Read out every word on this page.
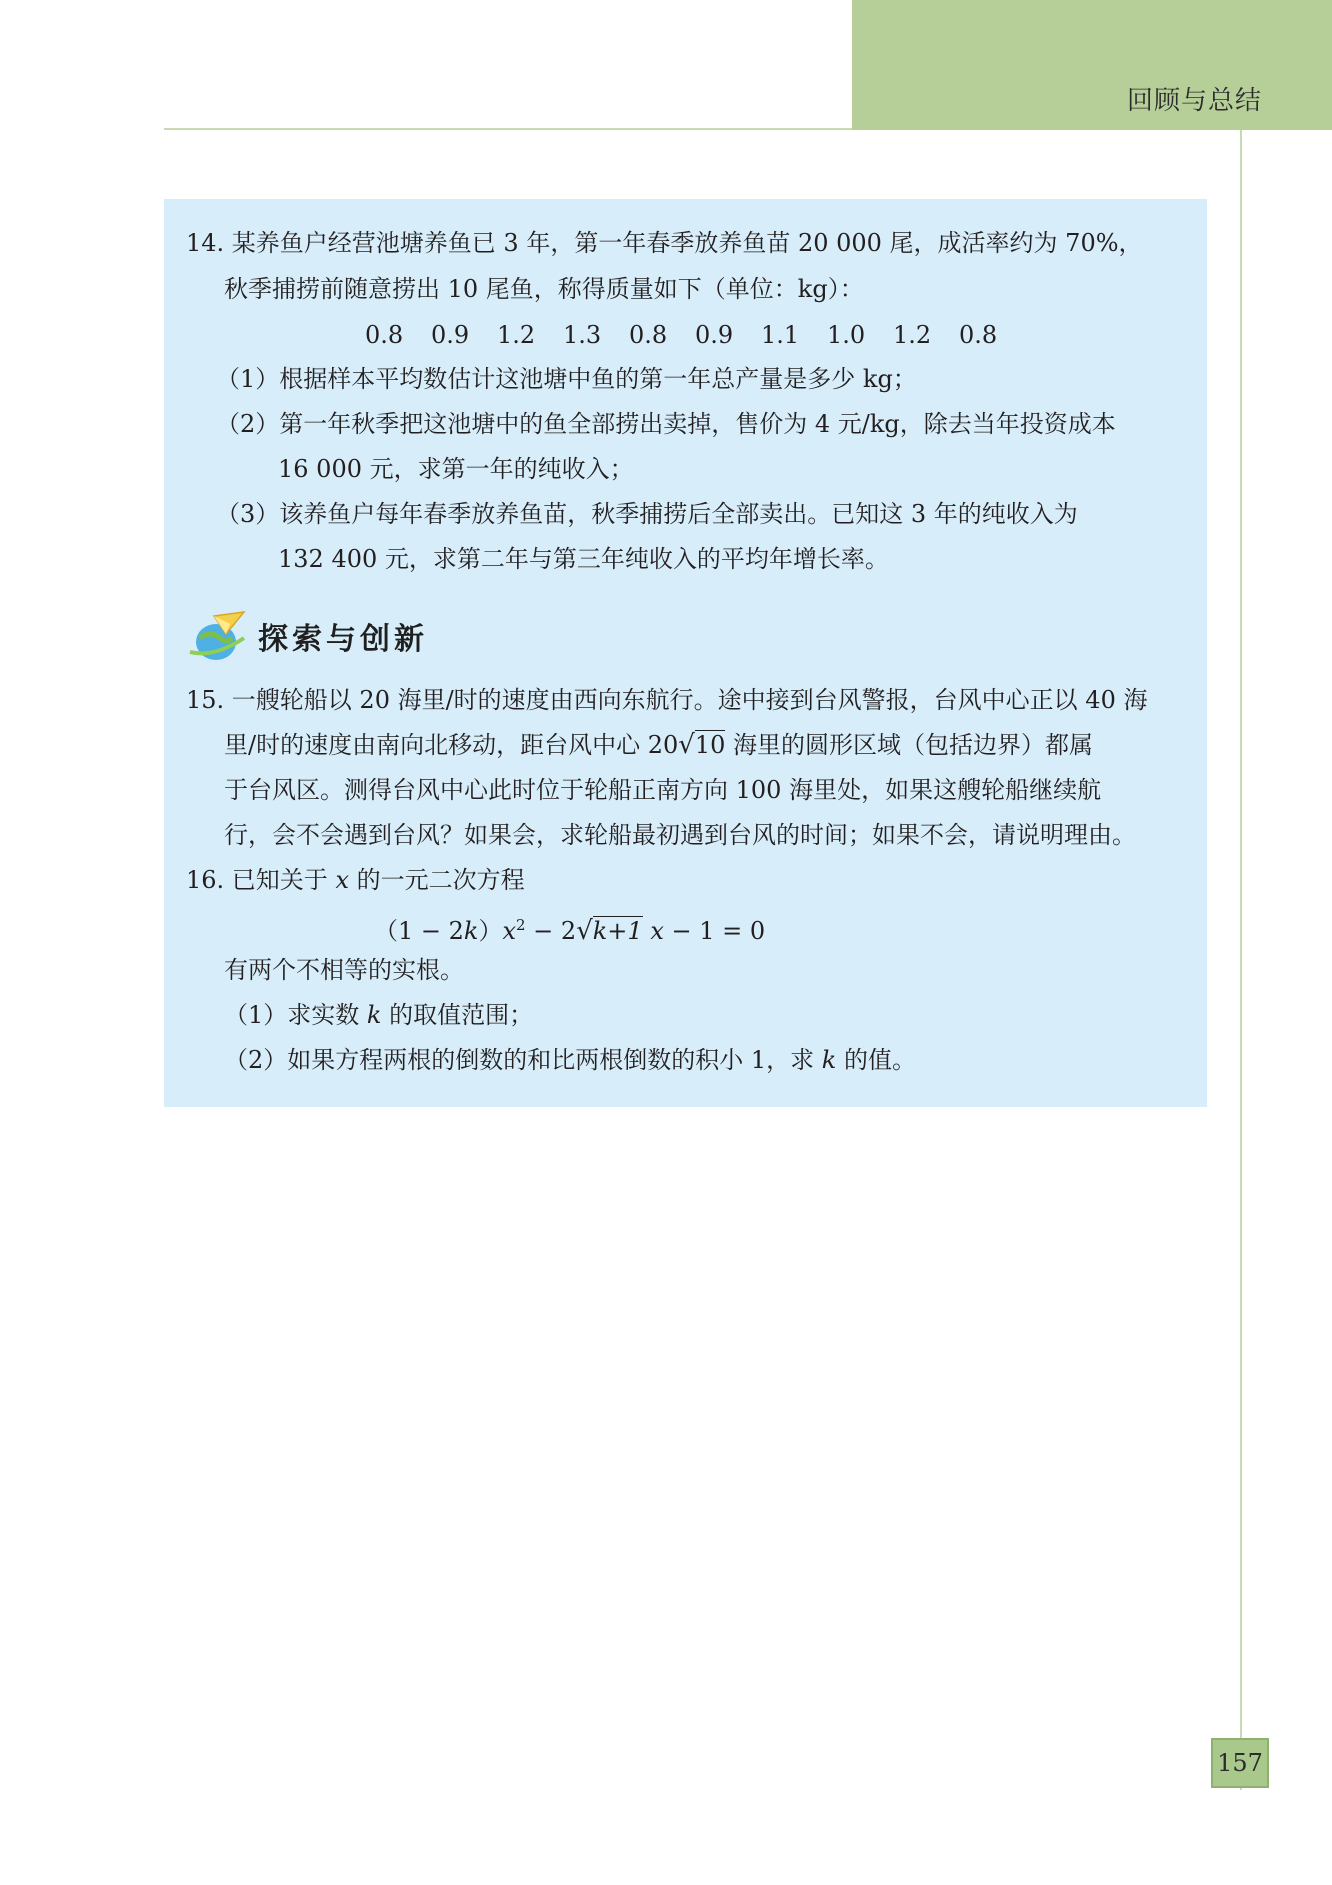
回顾与总结
14. 某养鱼户经营池塘养鱼已 3 年，第一年春季放养鱼苗 20 000 尾，成活率约为 70%，
秋季捕捞前随意捞出 10 尾鱼，称得质量如下（单位：kg）：
0.8	0.9	1.2	1.3	0.8	0.9	1.1	1.0	1.2	0.8
（1）根据样本平均数估计这池塘中鱼的第一年总产量是多少 kg；
（2）第一年秋季把这池塘中的鱼全部捞出卖掉，售价为 4 元/kg，除去当年投资成本
16 000 元，求第一年的纯收入；
（3）该养鱼户每年春季放养鱼苗，秋季捕捞后全部卖出。已知这 3 年的纯收入为
132 400 元，求第二年与第三年纯收入的平均年增长率。
探索与创新
15. 一艘轮船以 20 海里/时的速度由西向东航行。途中接到台风警报，台风中心正以 40 海
里/时的速度由南向北移动，距台风中心 20√10 海里的圆形区域（包括边界）都属
于台风区。测得台风中心此时位于轮船正南方向 100 海里处，如果这艘轮船继续航
行，会不会遇到台风？如果会，求轮船最初遇到台风的时间；如果不会，请说明理由。
16. 已知关于 x 的一元二次方程
$(1 - 2k)x^2 - 2√k+1$ x − 1 = 0
有两个不相等的实根。
（1）求实数 k 的取值范围；
（2）如果方程两根的倒数的和比两根倒数的积小 1，求 k 的值。
157
